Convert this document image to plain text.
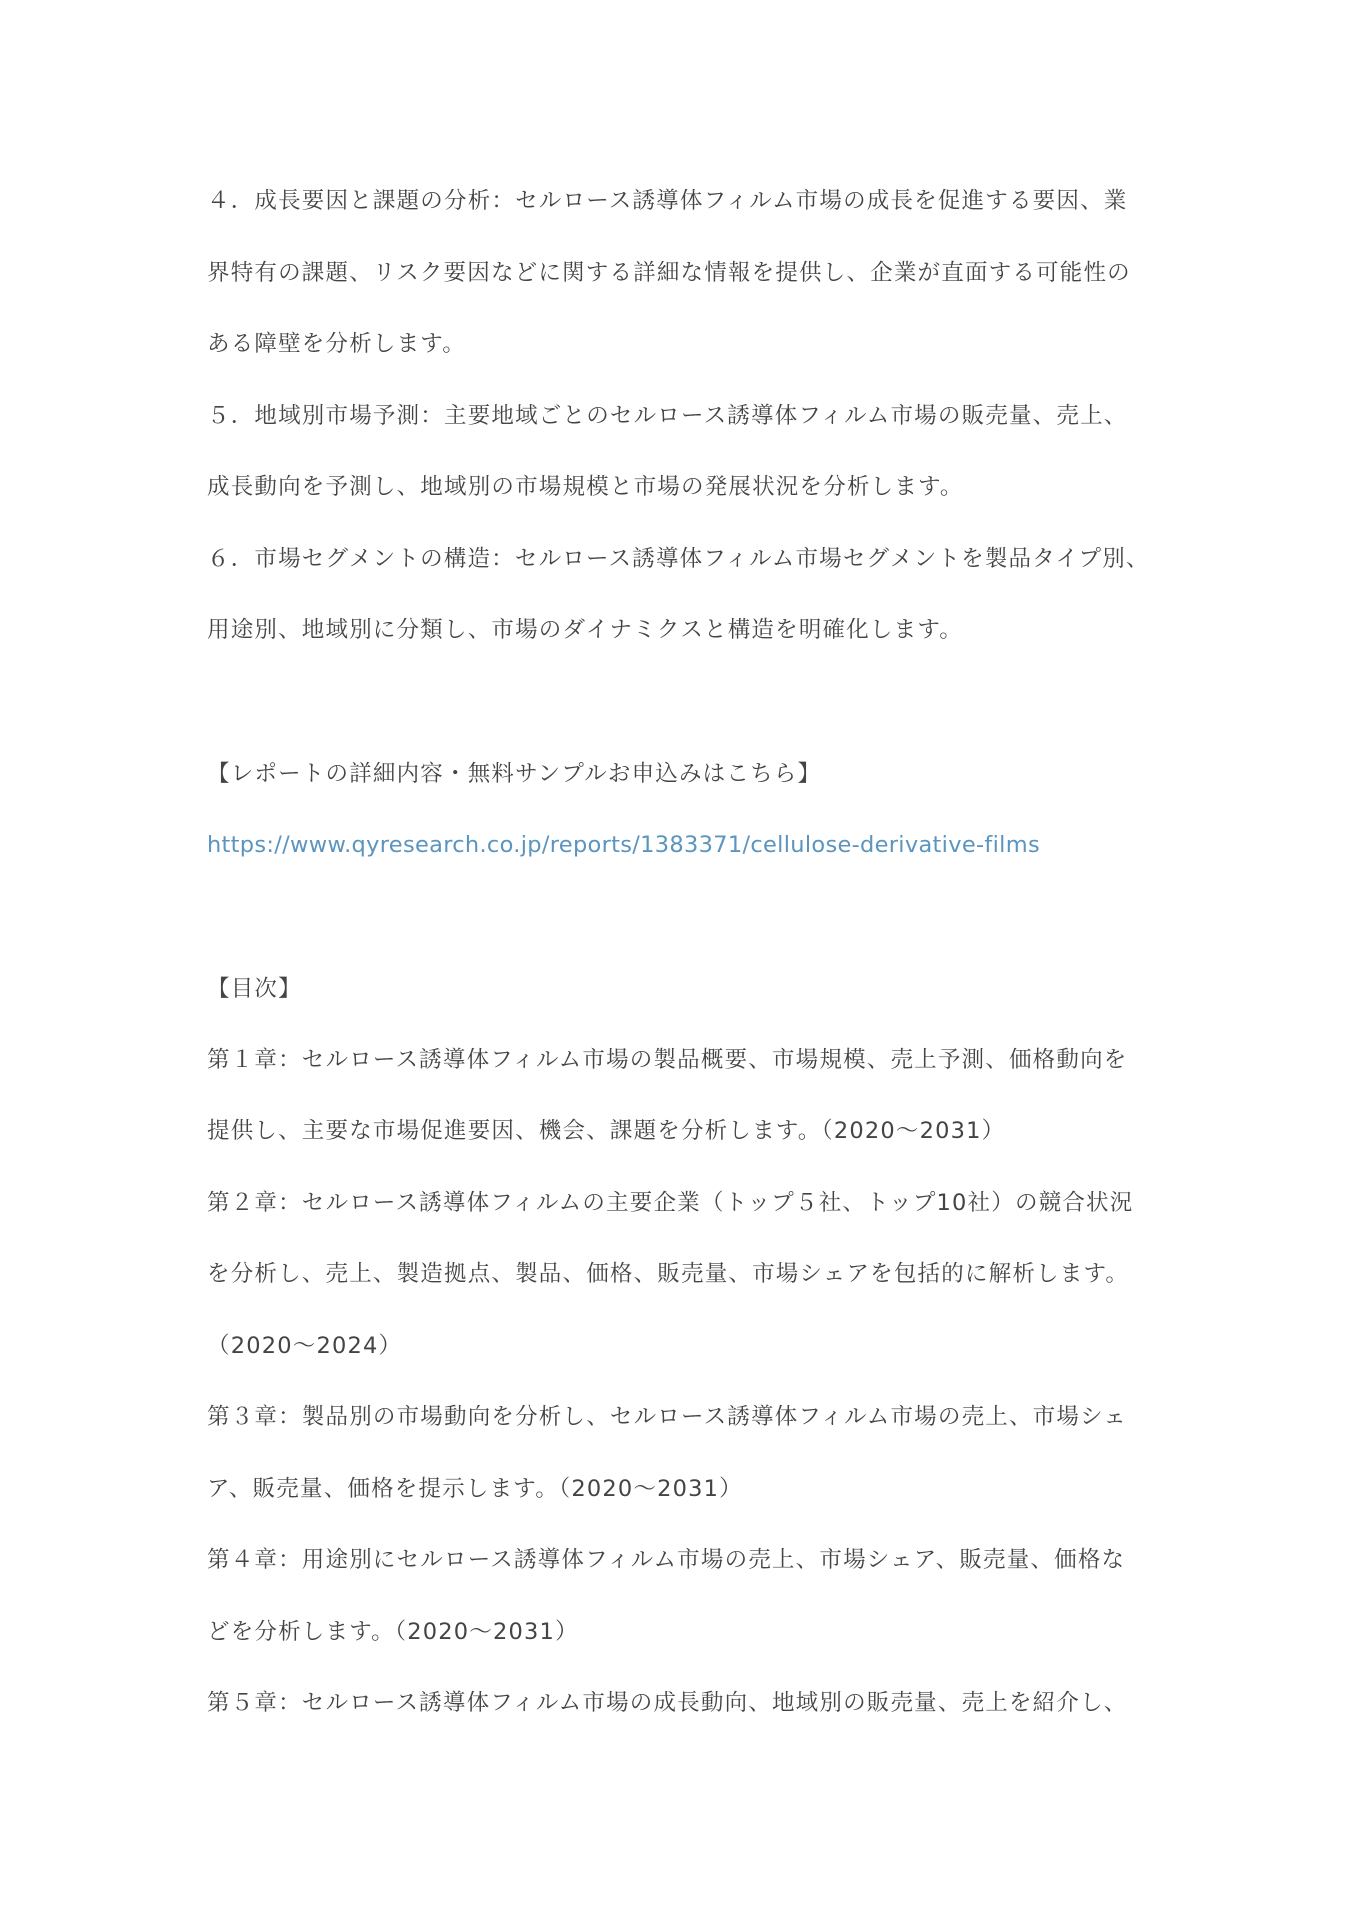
４．成長要因と課題の分析：セルロース誘導体フィルム市場の成長を促進する要因、業
界特有の課題、リスク要因などに関する詳細な情報を提供し、企業が直面する可能性の
ある障壁を分析します。
５．地域別市場予測：主要地域ごとのセルロース誘導体フィルム市場の販売量、売上、
成長動向を予測し、地域別の市場規模と市場の発展状況を分析します。
６．市場セグメントの構造：セルロース誘導体フィルム市場セグメントを製品タイプ別、
用途別、地域別に分類し、市場のダイナミクスと構造を明確化します。
【レポートの詳細内容・無料サンプルお申込みはこちら】
https://www.qyresearch.co.jp/reports/1383371/cellulose-derivative-films
【目次】
第１章：セルロース誘導体フィルム市場の製品概要、市場規模、売上予測、価格動向を
提供し、主要な市場促進要因、機会、課題を分析します。（2020～2031）
第２章：セルロース誘導体フィルムの主要企業（トップ５社、トップ10社）の競合状況
を分析し、売上、製造拠点、製品、価格、販売量、市場シェアを包括的に解析します。
（2020～2024）
第３章：製品別の市場動向を分析し、セルロース誘導体フィルム市場の売上、市場シェ
ア、販売量、価格を提示します。（2020～2031）
第４章：用途別にセルロース誘導体フィルム市場の売上、市場シェア、販売量、価格な
どを分析します。（2020～2031）
第５章：セルロース誘導体フィルム市場の成長動向、地域別の販売量、売上を紹介し、
